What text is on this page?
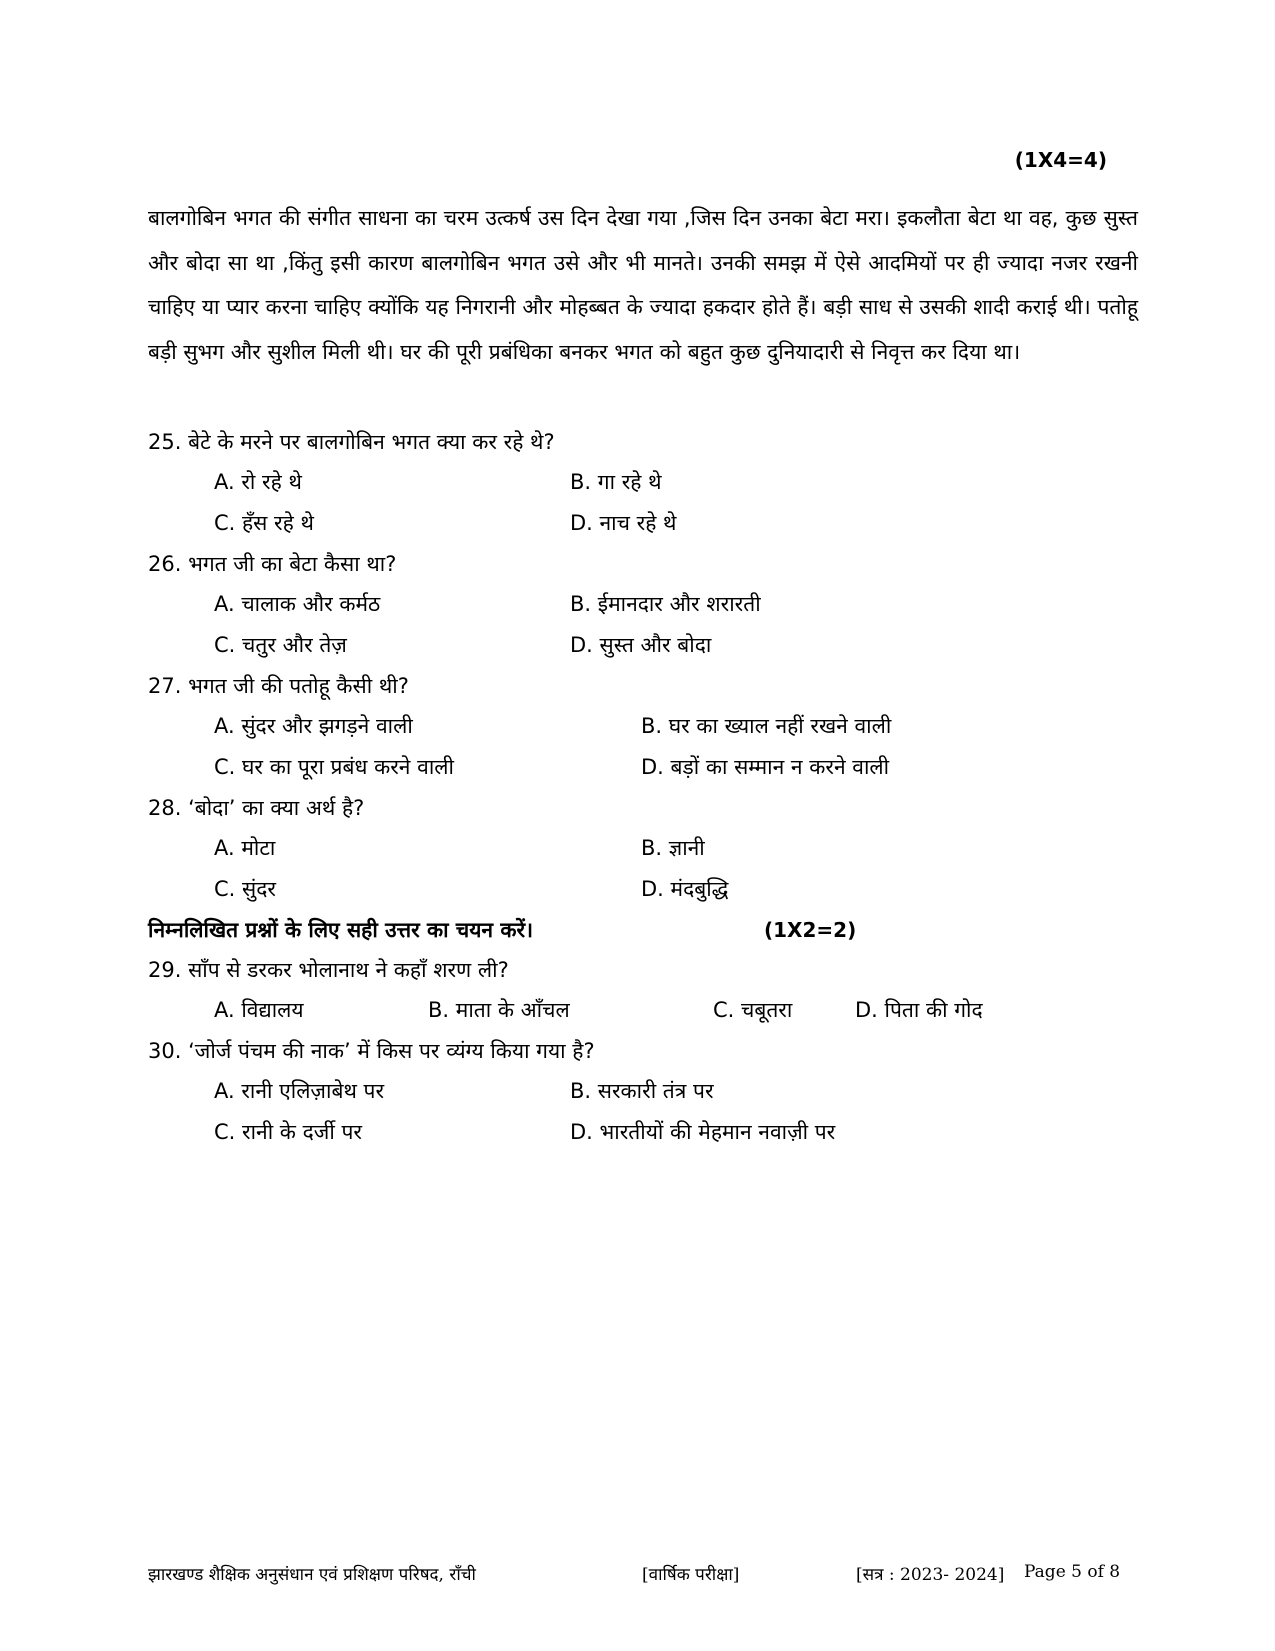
(1X4=4)
बालगोबिन भगत की संगीत साधना का चरम उत्कर्ष उस दिन देखा गया ,जिस दिन उनका बेटा मरा। इकलौता बेटा था वह, कुछ सुस्त और बोदा सा था ,किंतु इसी कारण बालगोबिन भगत उसे और भी मानते। उनकी समझ में ऐसे आदमियों पर ही ज्यादा नजर रखनी चाहिए या प्यार करना चाहिए क्योंकि यह निगरानी और मोहब्बत के ज्यादा हकदार होते हैं। बड़ी साध से उसकी शादी कराई थी। पतोहू बड़ी सुभग और सुशील मिली थी। घर की पूरी प्रबंधिका बनकर भगत को बहुत कुछ दुनियादारी से निवृत्त कर दिया था।
25. बेटे के मरने पर बालगोबिन भगत क्या कर रहे थे?
A. रो रहे थे	B. गा रहे थे
C. हँस रहे थे	D. नाच रहे थे
26. भगत जी का बेटा कैसा था?
A. चालाक और कर्मठ	B. ईमानदार और शरारती
C. चतुर और तेज़	D. सुस्त और बोदा
27. भगत जी की पतोहू कैसी थी?
A. सुंदर और झगड़ने वाली	B. घर का ख्याल नहीं रखने वाली
C. घर का पूरा प्रबंध करने वाली	D. बड़ों का सम्मान न करने वाली
28. ‘बोदा’ का क्या अर्थ है?
A. मोटा	B. ज्ञानी
C. सुंदर	D. मंदबुद्धि
निम्नलिखित प्रश्नों के लिए सही उत्तर का चयन करें।	(1X2=2)
29. साँप से डरकर भोलानाथ ने कहाँ शरण ली?
A. विद्यालय	B. माता के आँचल	C. चबूतरा	D. पिता की गोद
30. ‘जोर्ज पंचम की नाक’ में किस पर व्यंग्य किया गया है?
A. रानी एलिज़ाबेथ पर	B. सरकारी तंत्र पर
C. रानी के दर्जी पर	D. भारतीयों की मेहमान नवाज़ी पर
झारखण्ड शैक्षिक अनुसंधान एवं प्रशिक्षण परिषद, राँची	[वार्षिक परीक्षा]	[सत्र : 2023- 2024] Page 5 of 8
